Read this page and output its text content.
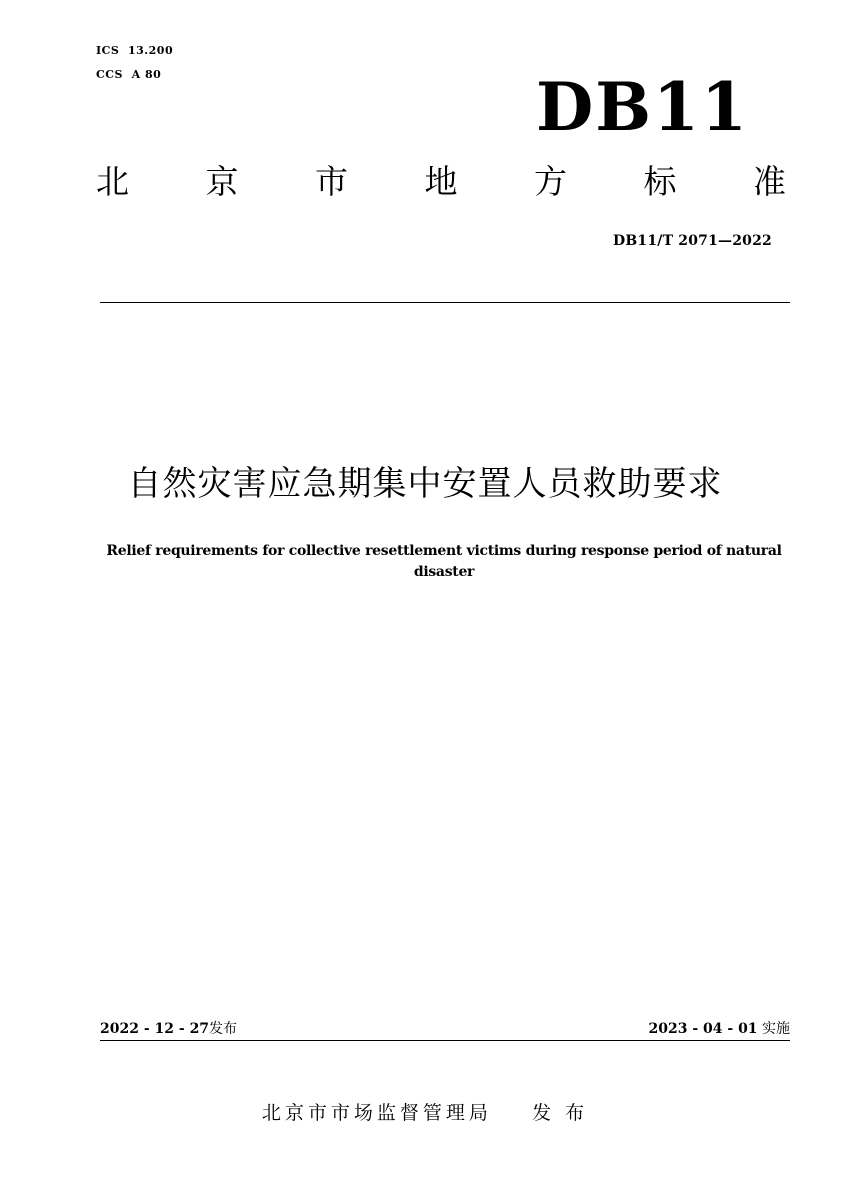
ICS  13.200
CCS  A 80	DB11
北 京 市 地 方 标 准
DB11/T 2071—2022
自然灾害应急期集中安置人员救助要求
Relief requirements for collective resettlement victims during response period of natural disaster
2022 - 12 - 27发布	2023 - 04 - 01 实施
北京市市场监督管理局 发 布
